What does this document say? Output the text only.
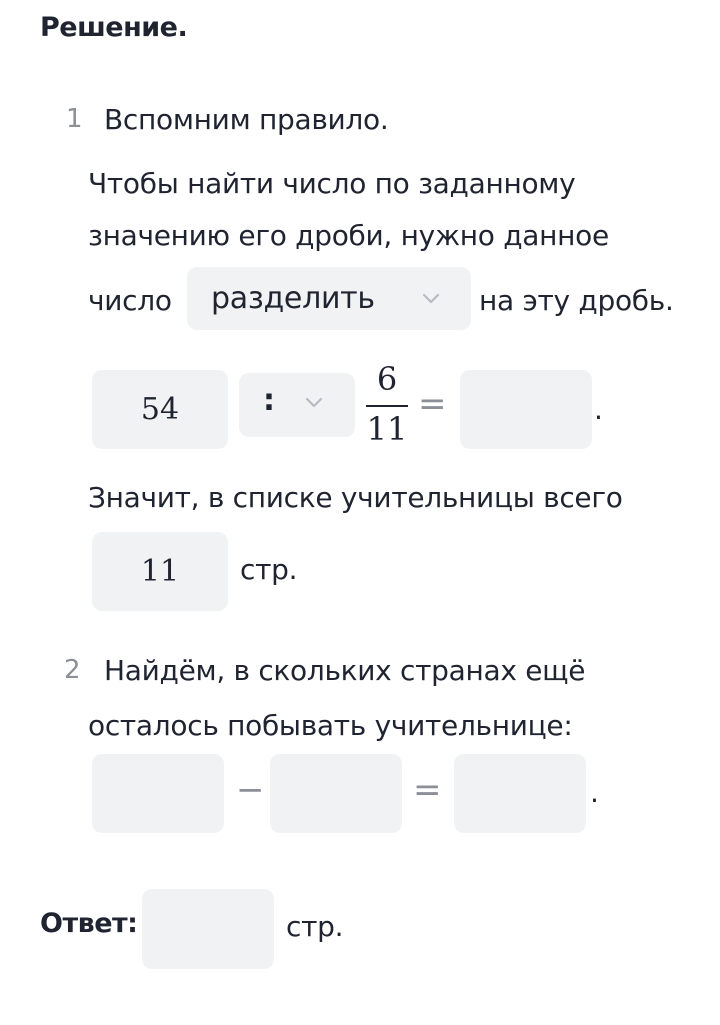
Решение.
1 Вспомним правило.
Чтобы найти число по заданному
значению его дроби, нужно данное
число разделить	на эту дробь.
54	:
6
11
=	.
Значит, в списке учительницы всего
11 стр.
2 Найдём, в скольких странах ещё
осталось побывать учительнице:
−	=	.
Ответ:	стр.
